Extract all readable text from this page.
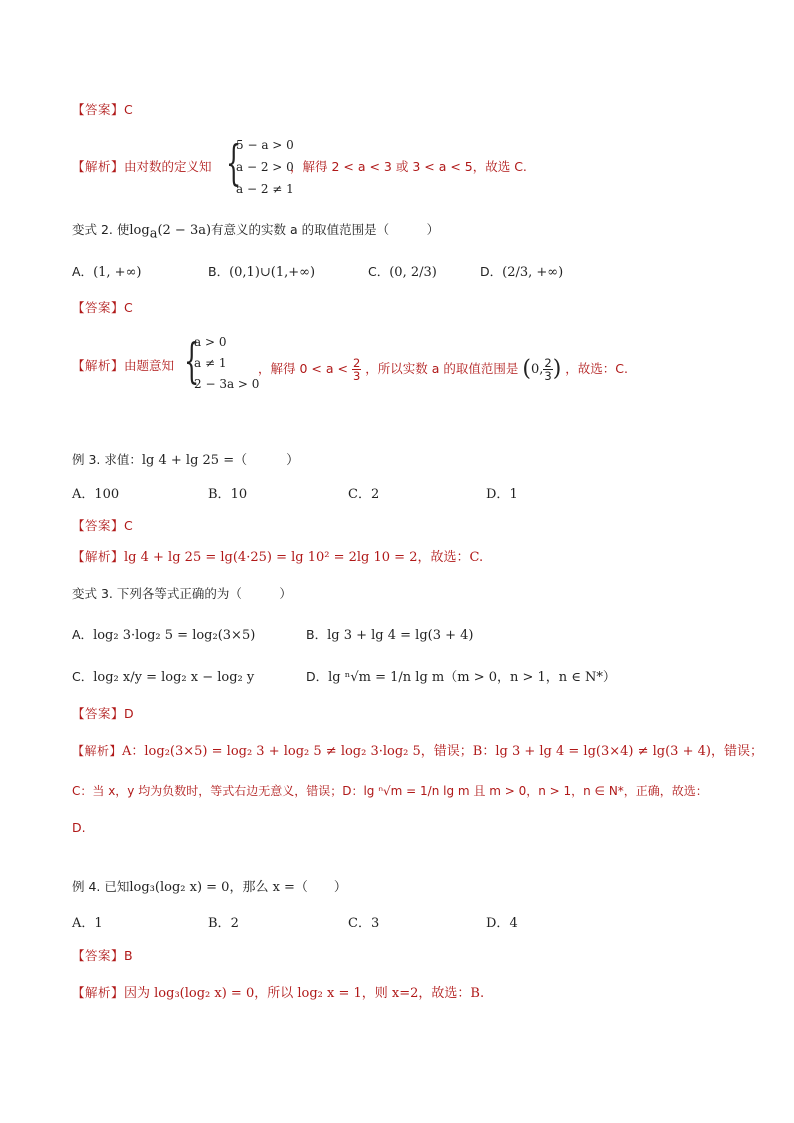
【答案】C
【解析】由对数的定义知 {
5 − a > 0
a − 2 > 0
a − 2 ≠ 1
，解得 2 < a < 3 或 3 < a < 5，故选 C.
变式 2. 使$\log_a(2 - 3a)$有意义的实数 a 的取值范围是（　　　）
A．(1, +∞)	B．(0,1)∪(1,+∞)	C．(0, 2/3)	D．(2/3, +∞)
【答案】C
【解析】由题意知 {
a > 0
a ≠ 1
2 − 3a > 0
，解得 $0 < a < \frac{2}{3}$ ，所以实数 a 的取值范围是 (0, $\frac{2}{3}$ ) ，故选：C.
例 3. 求值：lg 4 + lg 25 =（　　　）
A．100	B．10	C．2	D．1
【答案】C
【解析】lg 4 + lg 25 = lg(4·25) = lg 10² = 2lg 10 = 2，故选：C.
变式 3. 下列各等式正确的为（　　　）
A．log₂ 3·log₂ 5 = log₂(3×5)	B．lg 3 + lg 4 = lg(3 + 4)
C．log₂ x/y = log₂ x − log₂ y	D．lg ⁿ√m = 1/n lg m（m > 0，n > 1，n ∈ N*）
【答案】D
【解析】A：log₂(3×5) = log₂ 3 + log₂ 5 ≠ log₂ 3·log₂ 5，错误；B：lg 3 + lg 4 = lg(3×4) ≠ lg(3 + 4)，错误；
C：当 x，y 均为负数时，等式右边无意义，错误；D：lg ⁿ√m = 1/n lg m 且 m > 0，n > 1，n ∈ N*，正确，故选：
D.
例 4. 已知log₃(log₂ x) = 0，那么 x =（　　）
A．1	B．2	C．3	D．4
【答案】B
【解析】因为 log₃(log₂ x) = 0，所以 log₂ x = 1，则 x=2，故选：B.
